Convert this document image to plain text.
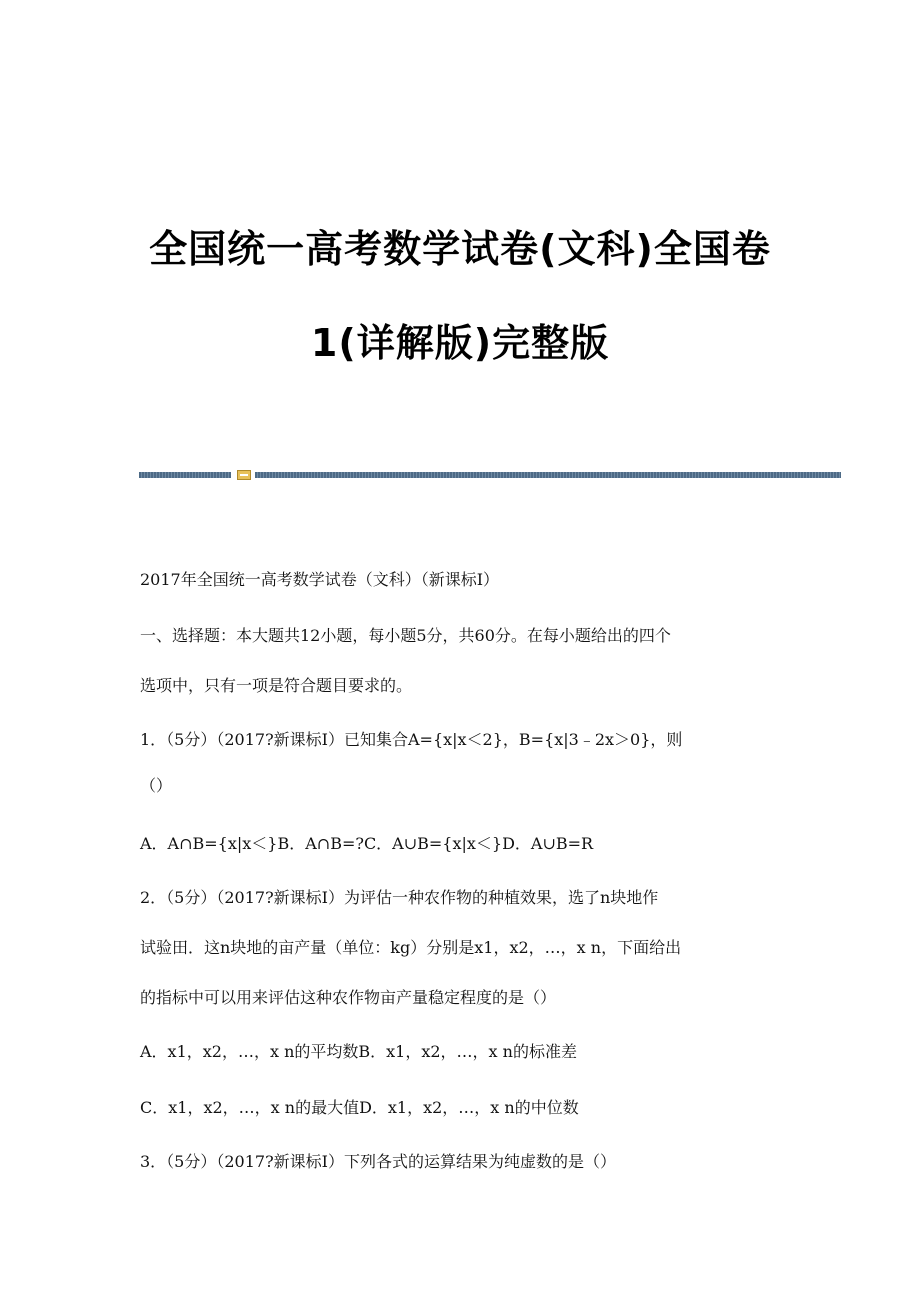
全国统一高考数学试卷(文科)全国卷
1(详解版)完整版

2017年全国统一高考数学试卷（文科）（新课标Ⅰ）

一、选择题：本大题共12小题，每小题5分，共60分。在每小题给出的四个

选项中，只有一项是符合题目要求的。

1．（5分）（2017?新课标Ⅰ）已知集合A={x|x＜2}，B={x|3﹣2x＞0}，则

（）

A．A∩B={x|x＜}B．A∩B=?C．A∪B={x|x＜}D．A∪B=R

2．（5分）（2017?新课标Ⅰ）为评估一种农作物的种植效果，选了n块地作

试验田．这n块地的亩产量（单位：kg）分别是x1，x2，…，x n，下面给出

的指标中可以用来评估这种农作物亩产量稳定程度的是（）

A．x1，x2，…，x n的平均数B．x1，x2，…，x n的标准差

C．x1，x2，…，x n的最大值D．x1，x2，…，x n的中位数

3．（5分）（2017?新课标Ⅰ）下列各式的运算结果为纯虚数的是（）
